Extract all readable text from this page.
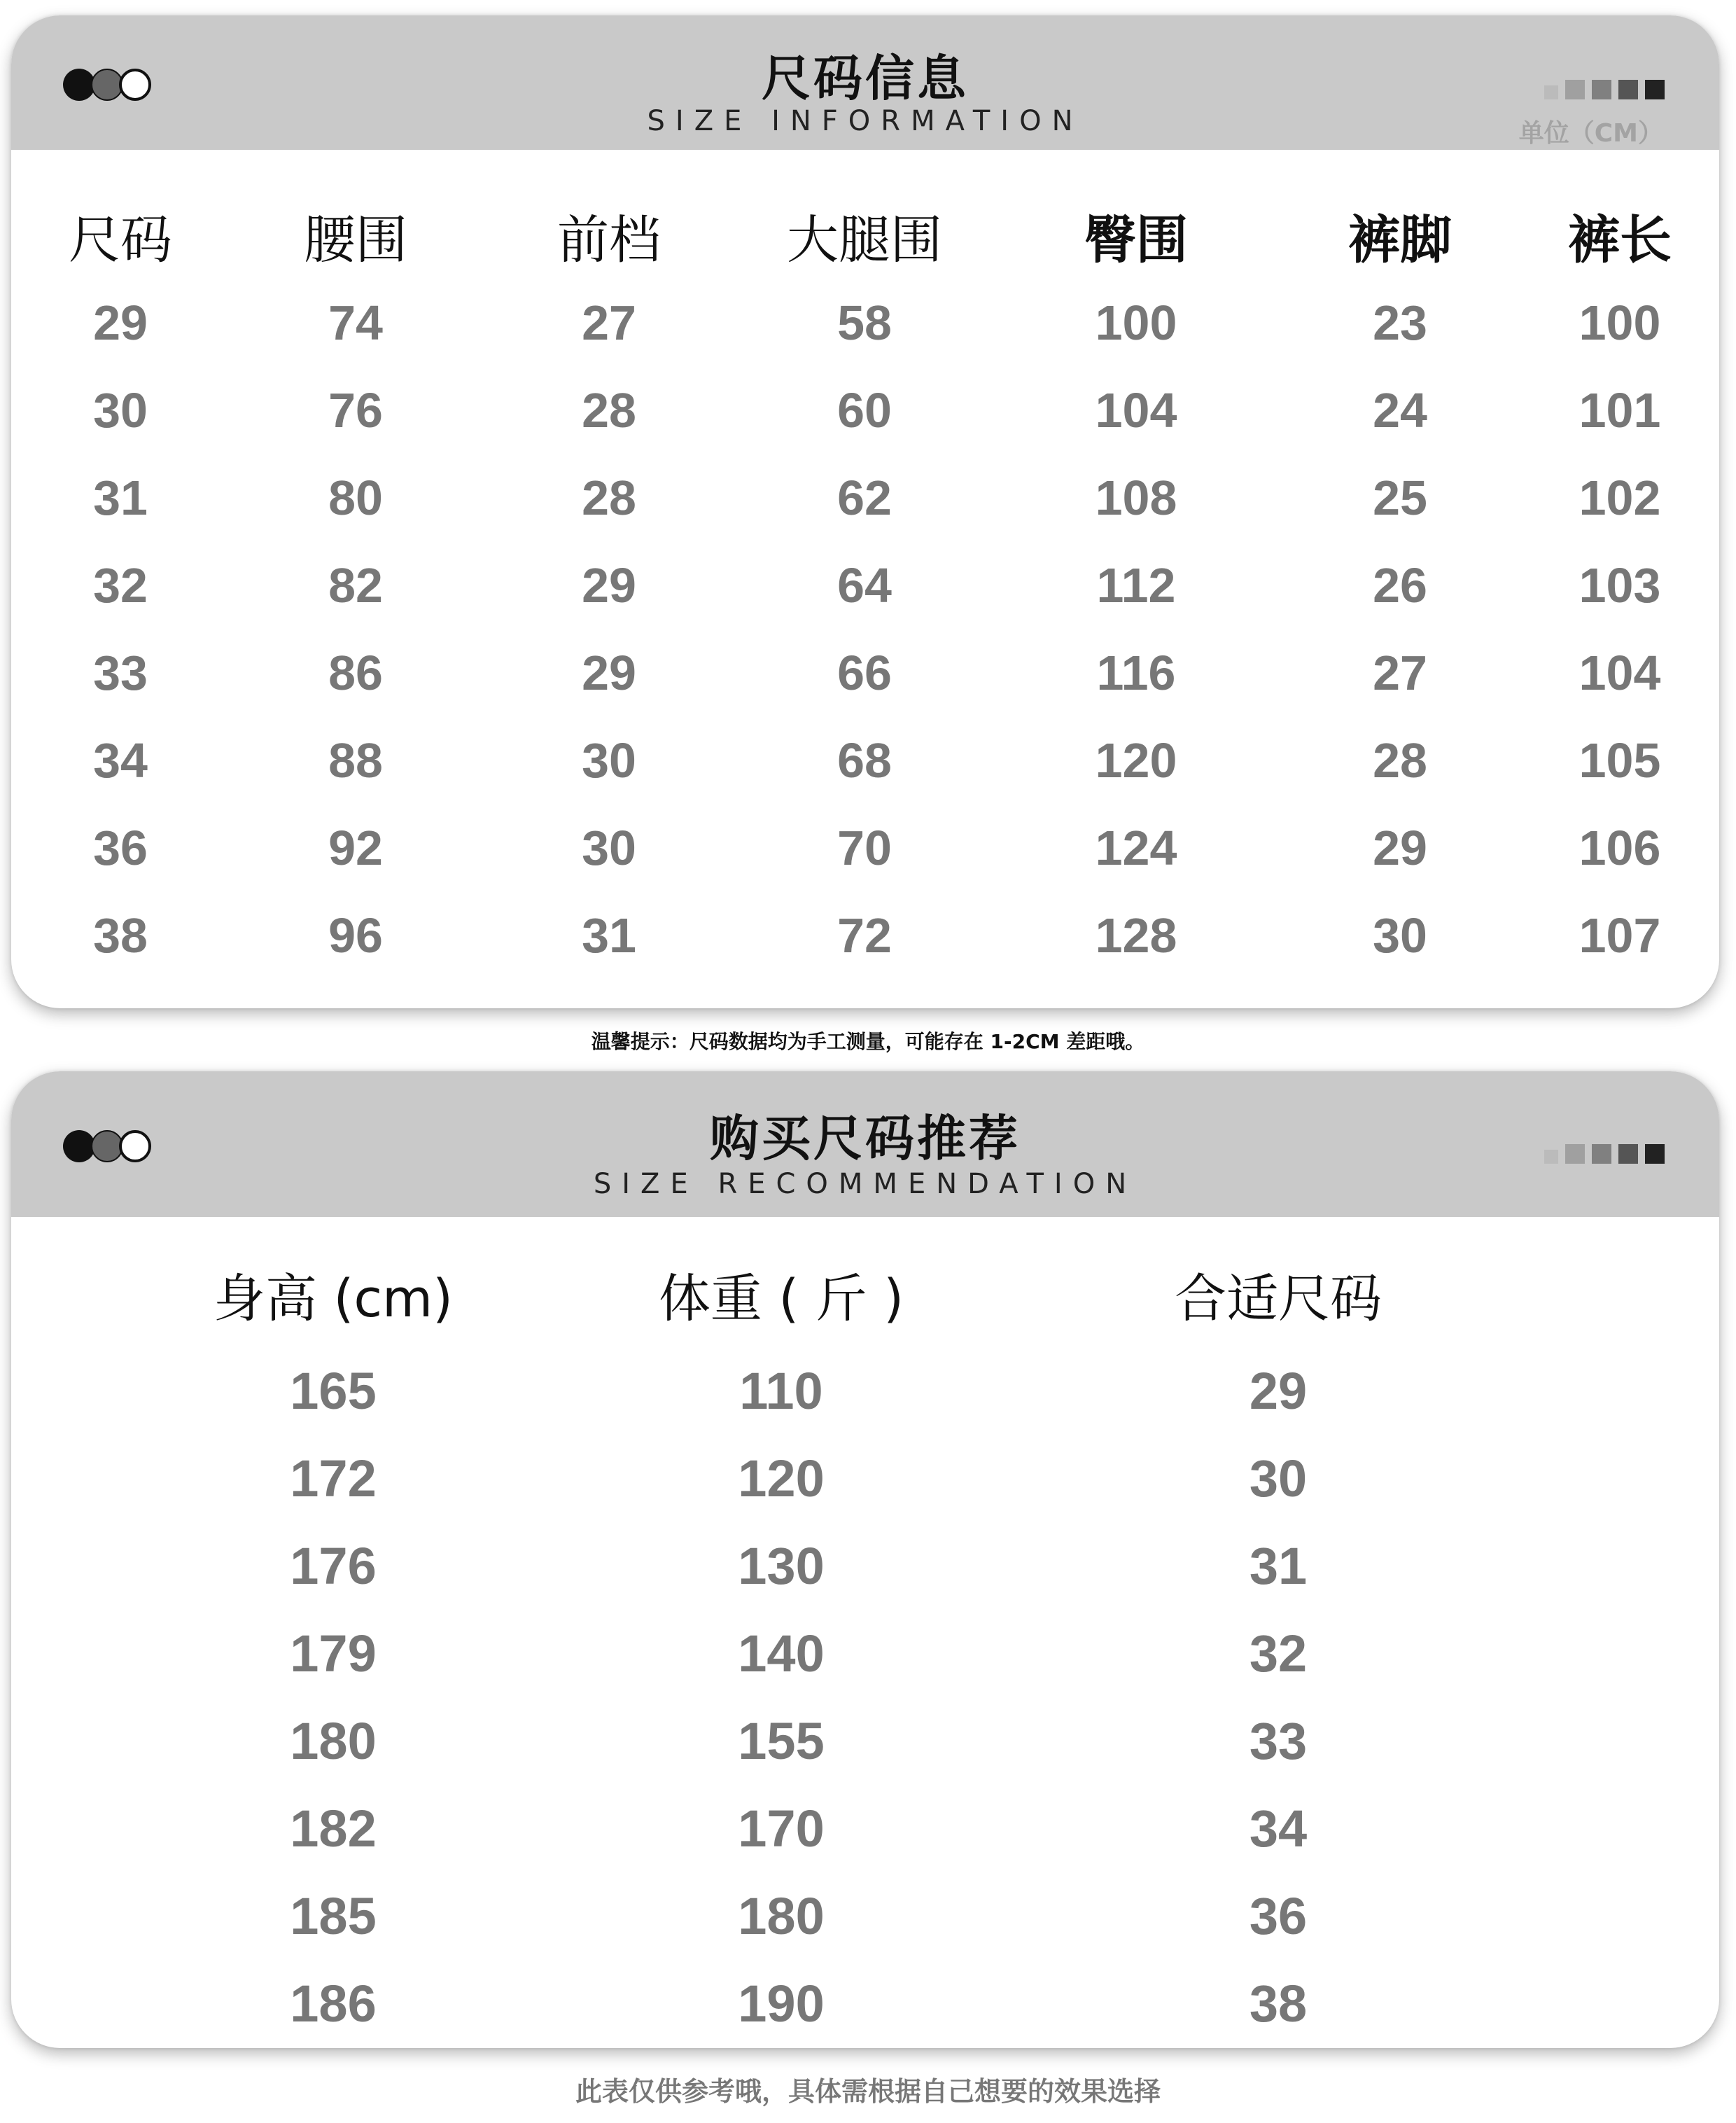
尺码信息
SIZE INFORMATION	单位（CM）
尺码	腰围	前档	大腿围	臀围	裤脚	裤长
29	74	27	58	100	23	100
30	76	28	60	104	24	101
31	80	28	62	108	25	102
32	82	29	64	112	26	103
33	86	29	66	116	27	104
34	88	30	68	120	28	105
36	92	30	70	124	29	106
38	96	31	72	128	30	107
温馨提示：尺码数据均为手工测量，可能存在 1-2CM 差距哦。
购买尺码推荐
SIZE RECOMMENDATION
	身高 (cm)	体重 ( 斤 )	合适尺码	
	165	110	29	
	172	120	30	
	176	130	31	
	179	140	32	
	180	155	33	
	182	170	34	
	185	180	36	
	186	190	38	
此表仅供参考哦，具体需根据自己想要的效果选择
